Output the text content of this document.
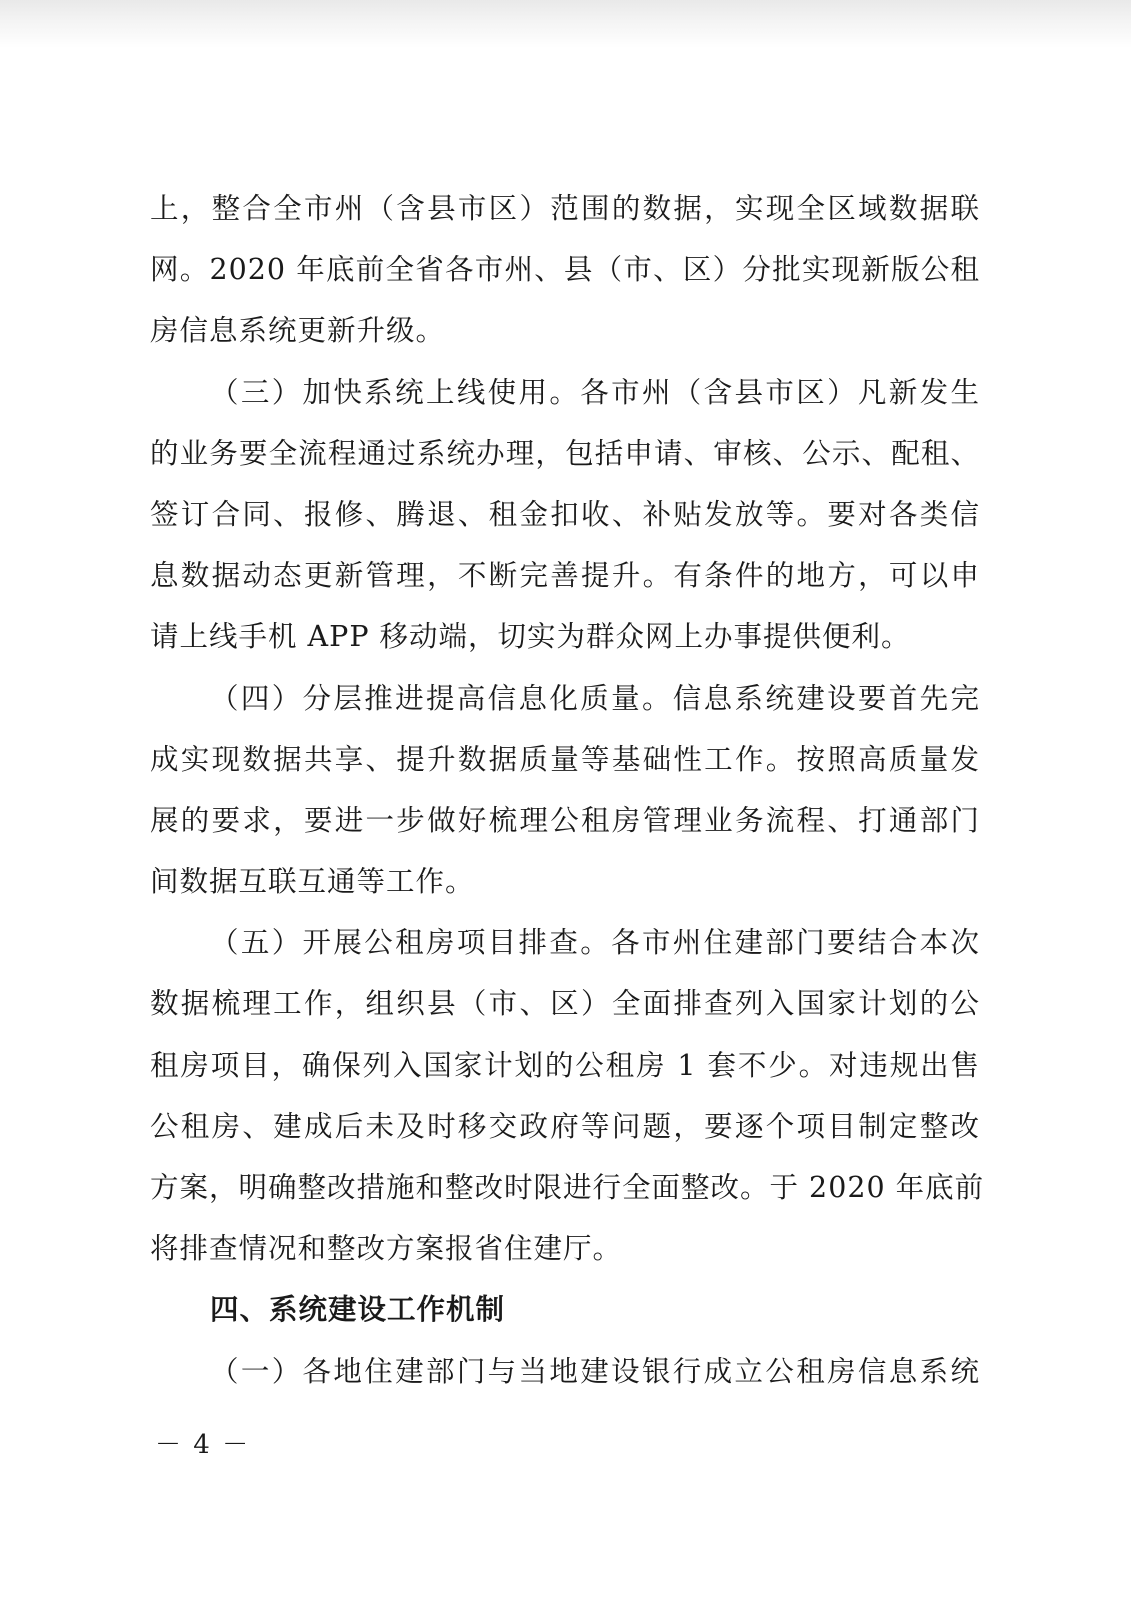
上，整合全市州（含县市区）范围的数据，实现全区域数据联
网。2020 年底前全省各市州、县（市、区）分批实现新版公租
房信息系统更新升级。
（三）加快系统上线使用。各市州（含县市区）凡新发生
的业务要全流程通过系统办理，包括申请、审核、公示、配租、
签订合同、报修、腾退、租金扣收、补贴发放等。要对各类信
息数据动态更新管理，不断完善提升。有条件的地方，可以申
请上线手机 APP 移动端，切实为群众网上办事提供便利。
（四）分层推进提高信息化质量。信息系统建设要首先完
成实现数据共享、提升数据质量等基础性工作。按照高质量发
展的要求，要进一步做好梳理公租房管理业务流程、打通部门
间数据互联互通等工作。
（五）开展公租房项目排查。各市州住建部门要结合本次
数据梳理工作，组织县（市、区）全面排查列入国家计划的公
租房项目，确保列入国家计划的公租房 1 套不少。对违规出售
公租房、建成后未及时移交政府等问题，要逐个项目制定整改
方案，明确整改措施和整改时限进行全面整改。于 2020 年底前
将排查情况和整改方案报省住建厅。
四、系统建设工作机制
（一）各地住建部门与当地建设银行成立公租房信息系统
－ 4 －
